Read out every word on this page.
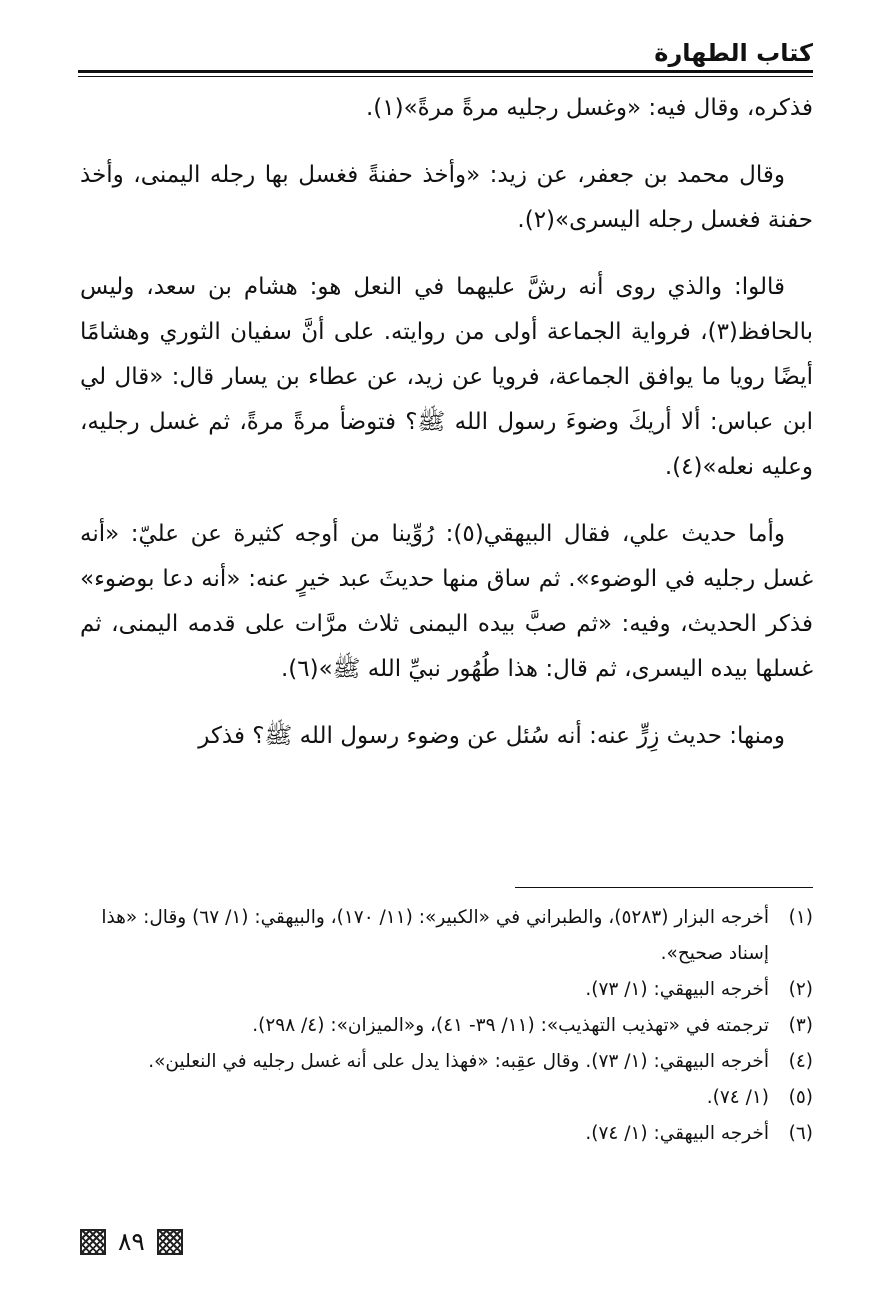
كتاب الطهارة

فذكره، وقال فيه: «وغسل رجليه مرةً مرةً»(١).

وقال محمد بن جعفر، عن زيد: «وأخذ حفنةً فغسل بها رجله اليمنى، وأخذ حفنة فغسل رجله اليسرى»(٢).

قالوا: والذي روى أنه رشَّ عليهما في النعل هو: هشام بن سعد، وليس بالحافظ(٣)، فرواية الجماعة أولى من روايته. على أنَّ سفيان الثوري وهشامًا أيضًا رويا ما يوافق الجماعة، فرويا عن زيد، عن عطاء بن يسار قال: «قال لي ابن عباس: ألا أريكَ وضوءَ رسول الله ﷺ؟ فتوضأ مرةً مرةً، ثم غسل رجليه، وعليه نعله»(٤).

وأما حديث علي، فقال البيهقي(٥): رُوِّينا من أوجه كثيرة عن عليّ: «أنه غسل رجليه في الوضوء». ثم ساق منها حديثَ عبد خيرٍ عنه: «أنه دعا بوضوء» فذكر الحديث، وفيه: «ثم صبَّ بيده اليمنى ثلاث مرَّات على قدمه اليمنى، ثم غسلها بيده اليسرى، ثم قال: هذا طُهُور نبيِّ الله ﷺ»(٦).

ومنها: حديث زِرٍّ عنه: أنه سُئل عن وضوء رسول الله ﷺ؟ فذكر

(١)
أخرجه البزار (٥٢٨٣)، والطبراني في «الكبير»: (١١/ ١٧٠)، والبيهقي: (١/ ٦٧) وقال: «هذا إسناد صحيح».
(٢)
أخرجه البيهقي: (١/ ٧٣).
(٣)
ترجمته في «تهذيب التهذيب»: (١١/ ٣٩- ٤١)، و«الميزان»: (٤/ ٢٩٨).
(٤)
أخرجه البيهقي: (١/ ٧٣). وقال عقِبه: «فهذا يدل على أنه غسل رجليه في النعلين».
(٥)
(١/ ٧٤).
(٦)
أخرجه البيهقي: (١/ ٧٤).
٨٩
